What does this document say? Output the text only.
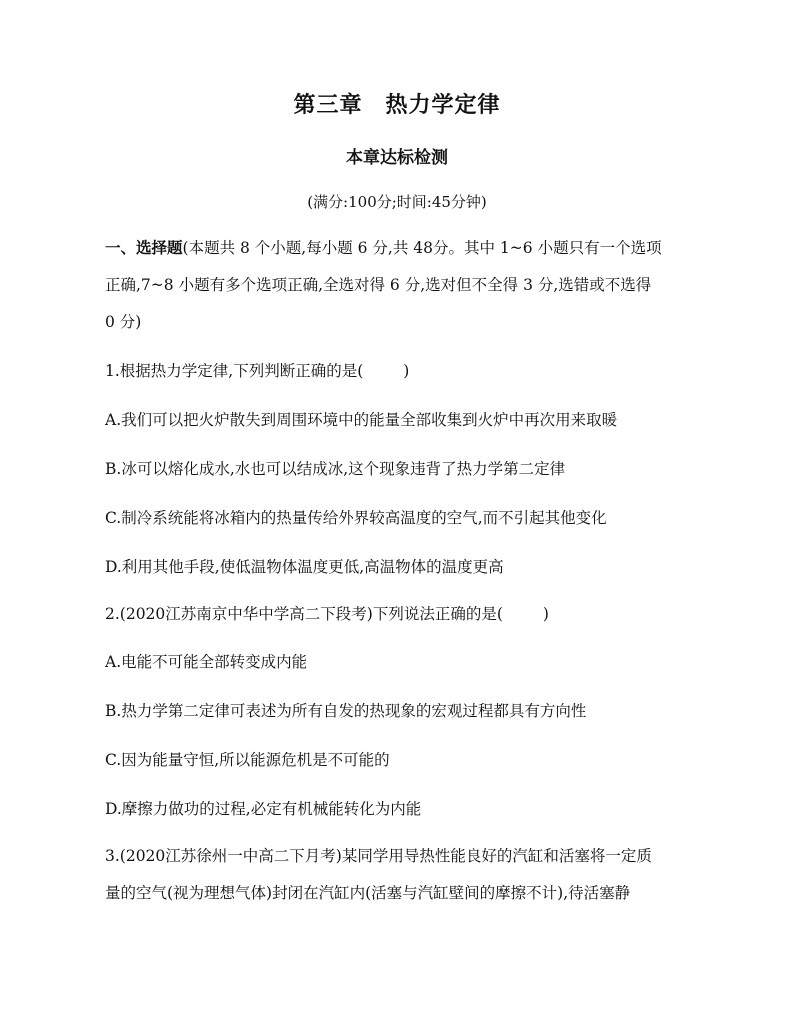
第三章　热力学定律
本章达标检测
(满分:100分;时间:45分钟)
一、选择题(本题共 8 个小题,每小题 6 分,共 48分。其中 1~6 小题只有一个选项
正确,7~8 小题有多个选项正确,全选对得 6 分,选对但不全得 3 分,选错或不选得
0 分)
1.根据热力学定律,下列判断正确的是(	)
A.我们可以把火炉散失到周围环境中的能量全部收集到火炉中再次用来取暖
B.冰可以熔化成水,水也可以结成冰,这个现象违背了热力学第二定律
C.制冷系统能将冰箱内的热量传给外界较高温度的空气,而不引起其他变化
D.利用其他手段,使低温物体温度更低,高温物体的温度更高
2.(2020江苏南京中华中学高二下段考)下列说法正确的是(	)
A.电能不可能全部转变成内能
B.热力学第二定律可表述为所有自发的热现象的宏观过程都具有方向性
C.因为能量守恒,所以能源危机是不可能的
D.摩擦力做功的过程,必定有机械能转化为内能
3.(2020江苏徐州一中高二下月考)某同学用导热性能良好的汽缸和活塞将一定质
量的空气(视为理想气体)封闭在汽缸内(活塞与汽缸壁间的摩擦不计),待活塞静
